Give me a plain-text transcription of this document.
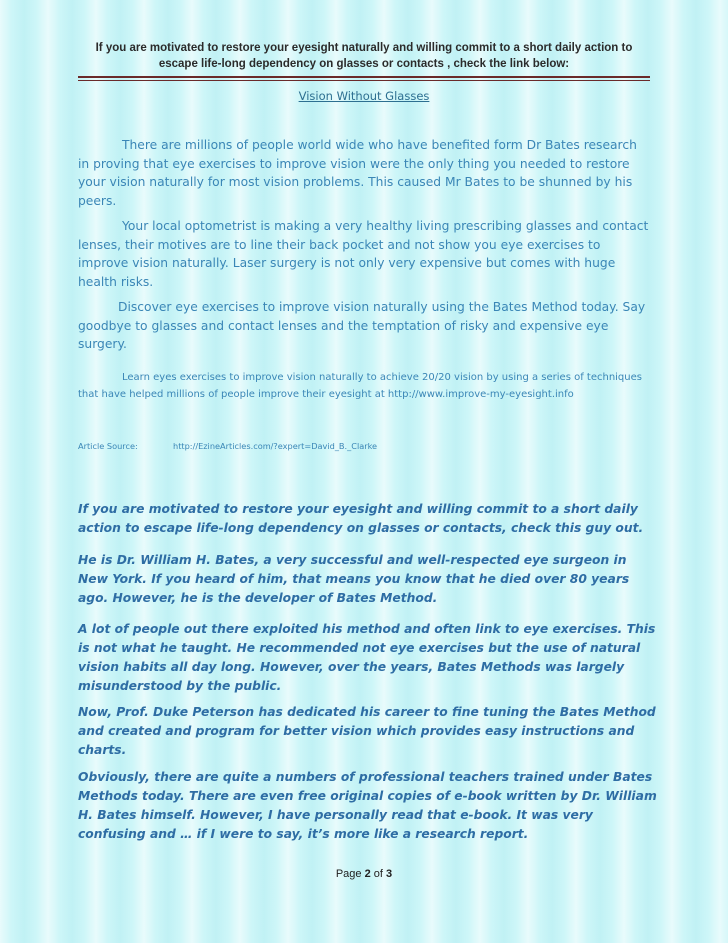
If you are motivated to restore your eyesight naturally and willing commit to a short daily action to
escape life-long dependency on glasses or contacts , check the link below:
Vision Without Glasses

There are millions of people world wide who have benefited form Dr Bates research in proving that eye exercises to improve vision were the only thing you needed to restore your vision naturally for most vision problems. This caused Mr Bates to be shunned by his peers.

Your local optometrist is making a very healthy living prescribing glasses and contact lenses, their motives are to line their back pocket and not show you eye exercises to improve vision naturally. Laser surgery is not only very expensive but comes with huge health risks.

Discover eye exercises to improve vision naturally using the Bates Method today. Say goodbye to glasses and contact lenses and the temptation of risky and expensive eye surgery.

Learn eyes exercises to improve vision naturally to achieve 20/20 vision by using a series of techniques that have helped millions of people improve their eyesight at http://www.improve-my-eyesight.info

Article Source:	http://EzineArticles.com/?expert=David_B._Clarke

If you are motivated to restore your eyesight and willing commit to a short daily action to escape life-long dependency on glasses or contacts, check this guy out.

He is Dr. William H. Bates, a very successful and well-respected eye surgeon in New York. If you heard of him, that means you know that he died over 80 years ago. However, he is the developer of Bates Method.

A lot of people out there exploited his method and often link to eye exercises. This is not what he taught. He recommended not eye exercises but the use of natural vision habits all day long. However, over the years, Bates Methods was largely misunderstood by the public.

Now, Prof. Duke Peterson has dedicated his career to fine tuning the Bates Method and created and program for better vision which provides easy instructions and charts.

Obviously, there are quite a numbers of professional teachers trained under Bates Methods today. There are even free original copies of e-book written by Dr. William H. Bates himself. However, I have personally read that e-book. It was very confusing and … if I were to say, it’s more like a research report.

Page 2 of 3
